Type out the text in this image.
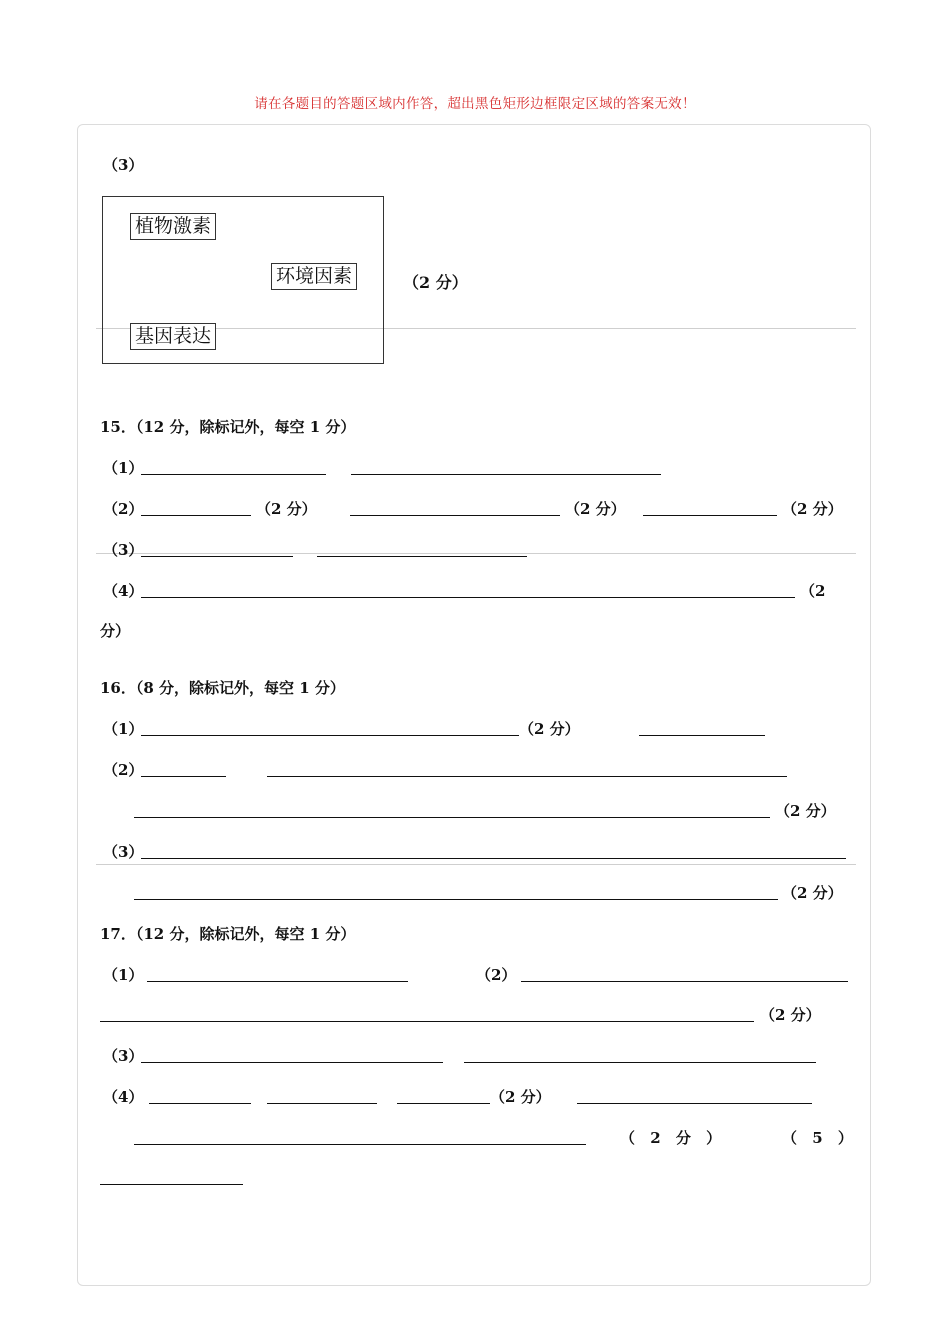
请在各题目的答题区域内作答，超出黑色矩形边框限定区域的答案无效！
（3）
植物激素
环境因素
基因表达
（2 分）
15．（12 分，除标记外，每空 1 分）
（1）
（2）	（2 分）	（2 分）	（2 分）
（3）
（4）	（2
分）
16．（8 分，除标记外，每空 1 分）
（1）	（2 分）
（2）
（2 分）
（3）
（2 分）
17．（12 分，除标记外，每空 1 分）
（1）	（2）
（2 分）
（3）
（4）	（2 分）
（ 2 分 ）	（ 5 ）
